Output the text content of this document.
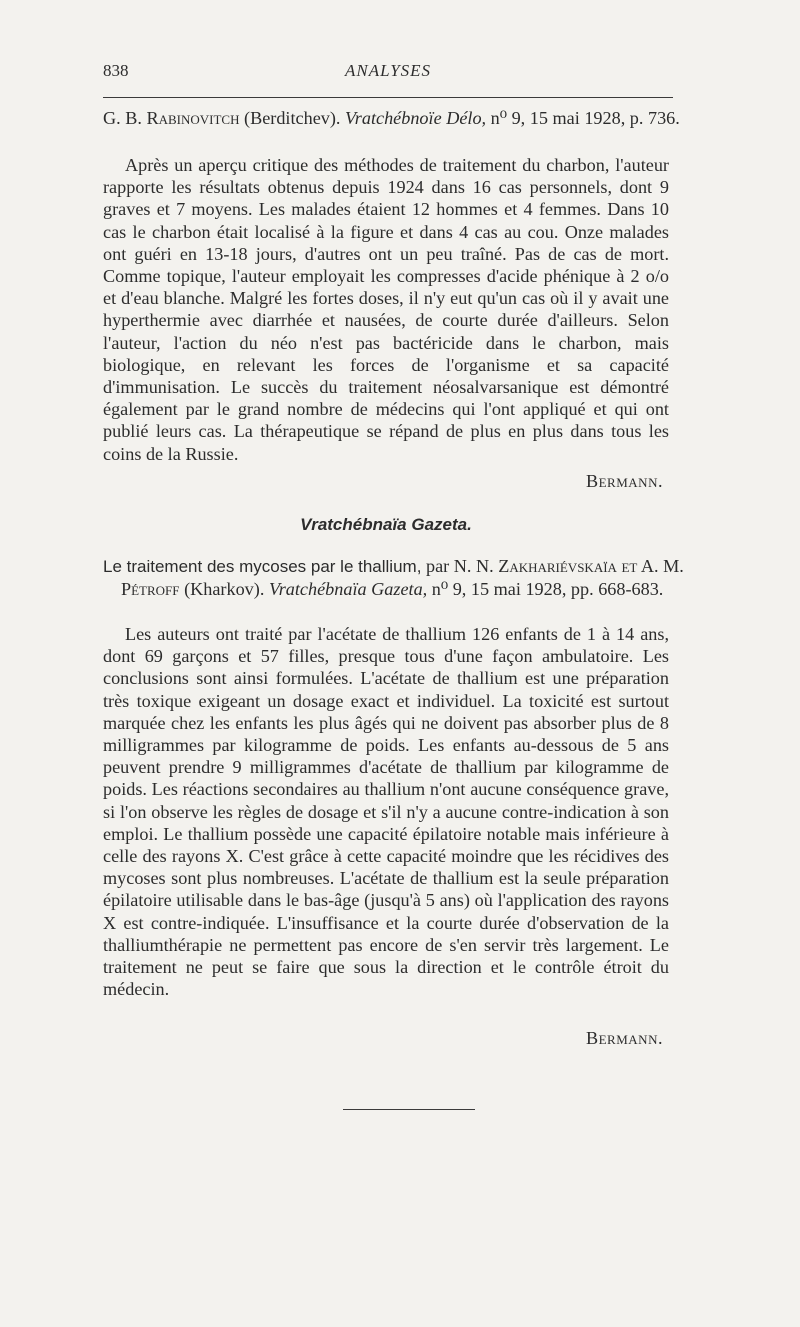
838	ANALYSES
G. B. Rabinovitch (Berditchev). Vratchébnoïe Délo, n⁰ 9, 15 mai 1928, p. 736.
Après un aperçu critique des méthodes de traitement du charbon, l'auteur rapporte les résultats obtenus depuis 1924 dans 16 cas personnels, dont 9 graves et 7 moyens. Les malades étaient 12 hommes et 4 femmes. Dans 10 cas le charbon était localisé à la figure et dans 4 cas au cou. Onze malades ont guéri en 13-18 jours, d'autres ont un peu traîné. Pas de cas de mort. Comme topique, l'auteur employait les compresses d'acide phénique à 2 o/o et d'eau blanche. Malgré les fortes doses, il n'y eut qu'un cas où il y avait une hyperthermie avec diarrhée et nausées, de courte durée d'ailleurs. Selon l'auteur, l'action du néo n'est pas bactéricide dans le charbon, mais biologique, en relevant les forces de l'organisme et sa capacité d'immunisation. Le succès du traitement néosalvarsanique est démontré également par le grand nombre de médecins qui l'ont appliqué et qui ont publié leurs cas. La thérapeutique se répand de plus en plus dans tous les coins de la Russie.
Bermann.
Vratchébnaïa Gazeta.
Le traitement des mycoses par le thallium, par N. N. Zakhariévskaïa et A. M. Pétroff (Kharkov). Vratchébnaïa Gazeta, n⁰ 9, 15 mai 1928, pp. 668-683.
Les auteurs ont traité par l'acétate de thallium 126 enfants de 1 à 14 ans, dont 69 garçons et 57 filles, presque tous d'une façon ambulatoire. Les conclusions sont ainsi formulées. L'acétate de thallium est une préparation très toxique exigeant un dosage exact et individuel. La toxicité est surtout marquée chez les enfants les plus âgés qui ne doivent pas absorber plus de 8 milligrammes par kilogramme de poids. Les enfants au-dessous de 5 ans peuvent prendre 9 milligrammes d'acétate de thallium par kilogramme de poids. Les réactions secondaires au thallium n'ont aucune conséquence grave, si l'on observe les règles de dosage et s'il n'y a aucune contre-indication à son emploi. Le thallium possède une capacité épilatoire notable mais inférieure à celle des rayons X. C'est grâce à cette capacité moindre que les récidives des mycoses sont plus nombreuses. L'acétate de thallium est la seule préparation épilatoire utilisable dans le bas-âge (jusqu'à 5 ans) où l'application des rayons X est contre-indiquée. L'insuffisance et la courte durée d'observation de la thalliumthérapie ne permettent pas encore de s'en servir très largement. Le traitement ne peut se faire que sous la direction et le contrôle étroit du médecin.
Bermann.
